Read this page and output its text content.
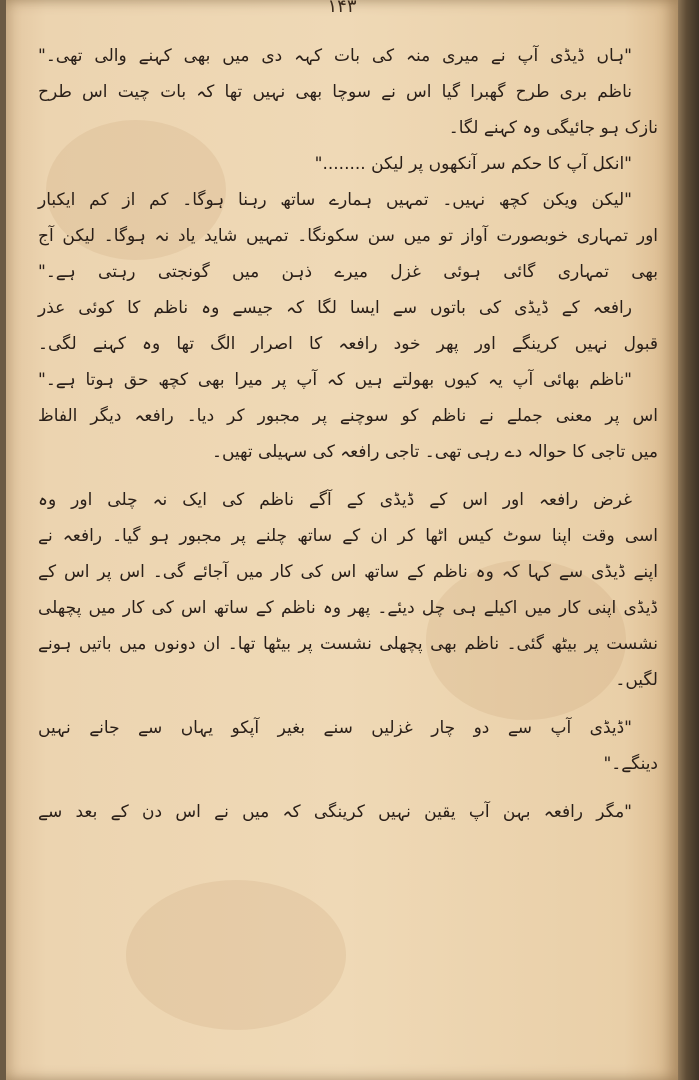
۱۴۳
"ہاں ڈیڈی آپ نے میری منہ کی بات کہہ دی میں بھی کہنے والی تھی۔"
ناظم بری طرح گھبرا گیا اس نے سوچا بھی نہیں تھا کہ بات چیت اس طرح
نازک ہو جائیگی وہ کہنے لگا۔
"انکل آپ کا حکم سر آنکھوں پر لیکن ........"
"لیکن ویکن کچھ نہیں۔ تمہیں ہمارے ساتھ رہنا ہوگا۔ کم از کم ایکبار
اور تمہاری خوبصورت آواز تو میں سن سکونگا۔ تمہیں شاید یاد نہ ہوگا۔ لیکن آج
بھی تمہاری گائی ہوئی غزل میرے ذہن میں گونجتی رہتی ہے۔"
رافعہ کے ڈیڈی کی باتوں سے ایسا لگا کہ جیسے وہ ناظم کا کوئی عذر
قبول نہیں کرینگے اور پھر خود رافعہ کا اصرار الگ تھا وہ کہنے لگی۔
"ناظم بھائی آپ یہ کیوں بھولتے ہیں کہ آپ پر میرا بھی کچھ حق ہوتا ہے۔"
اس پر معنی جملے نے ناظم کو سوچنے پر مجبور کر دیا۔ رافعہ دیگر الفاظ
میں تاجی کا حوالہ دے رہی تھی۔ تاجی رافعہ کی سہیلی تھیں۔
غرض رافعہ اور اس کے ڈیڈی کے آگے ناظم کی ایک نہ چلی اور وہ
اسی وقت اپنا سوٹ کیس اٹھا کر ان کے ساتھ چلنے پر مجبور ہو گیا۔ رافعہ نے
اپنے ڈیڈی سے کہا کہ وہ ناظم کے ساتھ اس کی کار میں آجائے گی۔ اس پر اس کے
ڈیڈی اپنی کار میں اکیلے ہی چل دیئے۔ پھر وہ ناظم کے ساتھ اس کی کار میں پچھلی
نشست پر بیٹھ گئی۔ ناظم بھی پچھلی نشست پر بیٹھا تھا۔ ان دونوں میں باتیں ہونے
لگیں۔
"ڈیڈی آپ سے دو چار غزلیں سنے بغیر آپکو یہاں سے جانے نہیں
دینگے۔"
"مگر رافعہ بہن آپ یقین نہیں کرینگی کہ میں نے اس دن کے بعد سے
